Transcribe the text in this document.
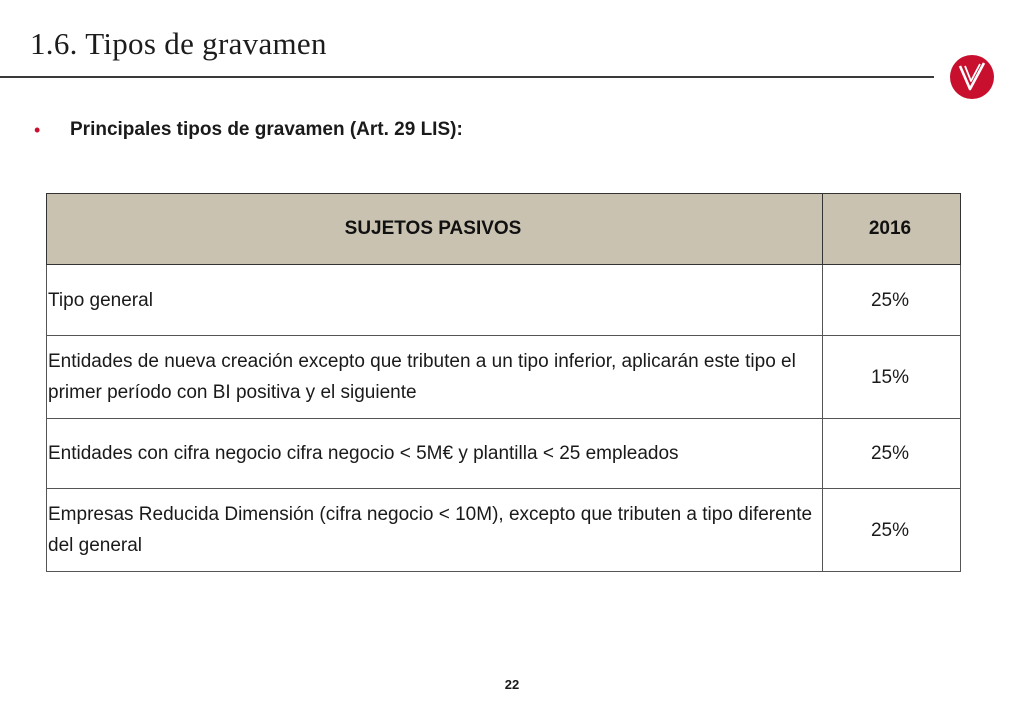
1.6. Tipos de gravamen
•	Principales tipos de gravamen (Art. 29 LIS):
SUJETOS PASIVOS	2016
Tipo general	25%
Entidades de nueva creación excepto que tributen a un tipo inferior, aplicarán este tipo el primer período con BI positiva y el siguiente	15%
Entidades con cifra negocio cifra negocio < 5M€ y plantilla < 25 empleados	25%
Empresas Reducida Dimensión (cifra negocio < 10M), excepto que tributen a tipo diferente del general	25%
22
